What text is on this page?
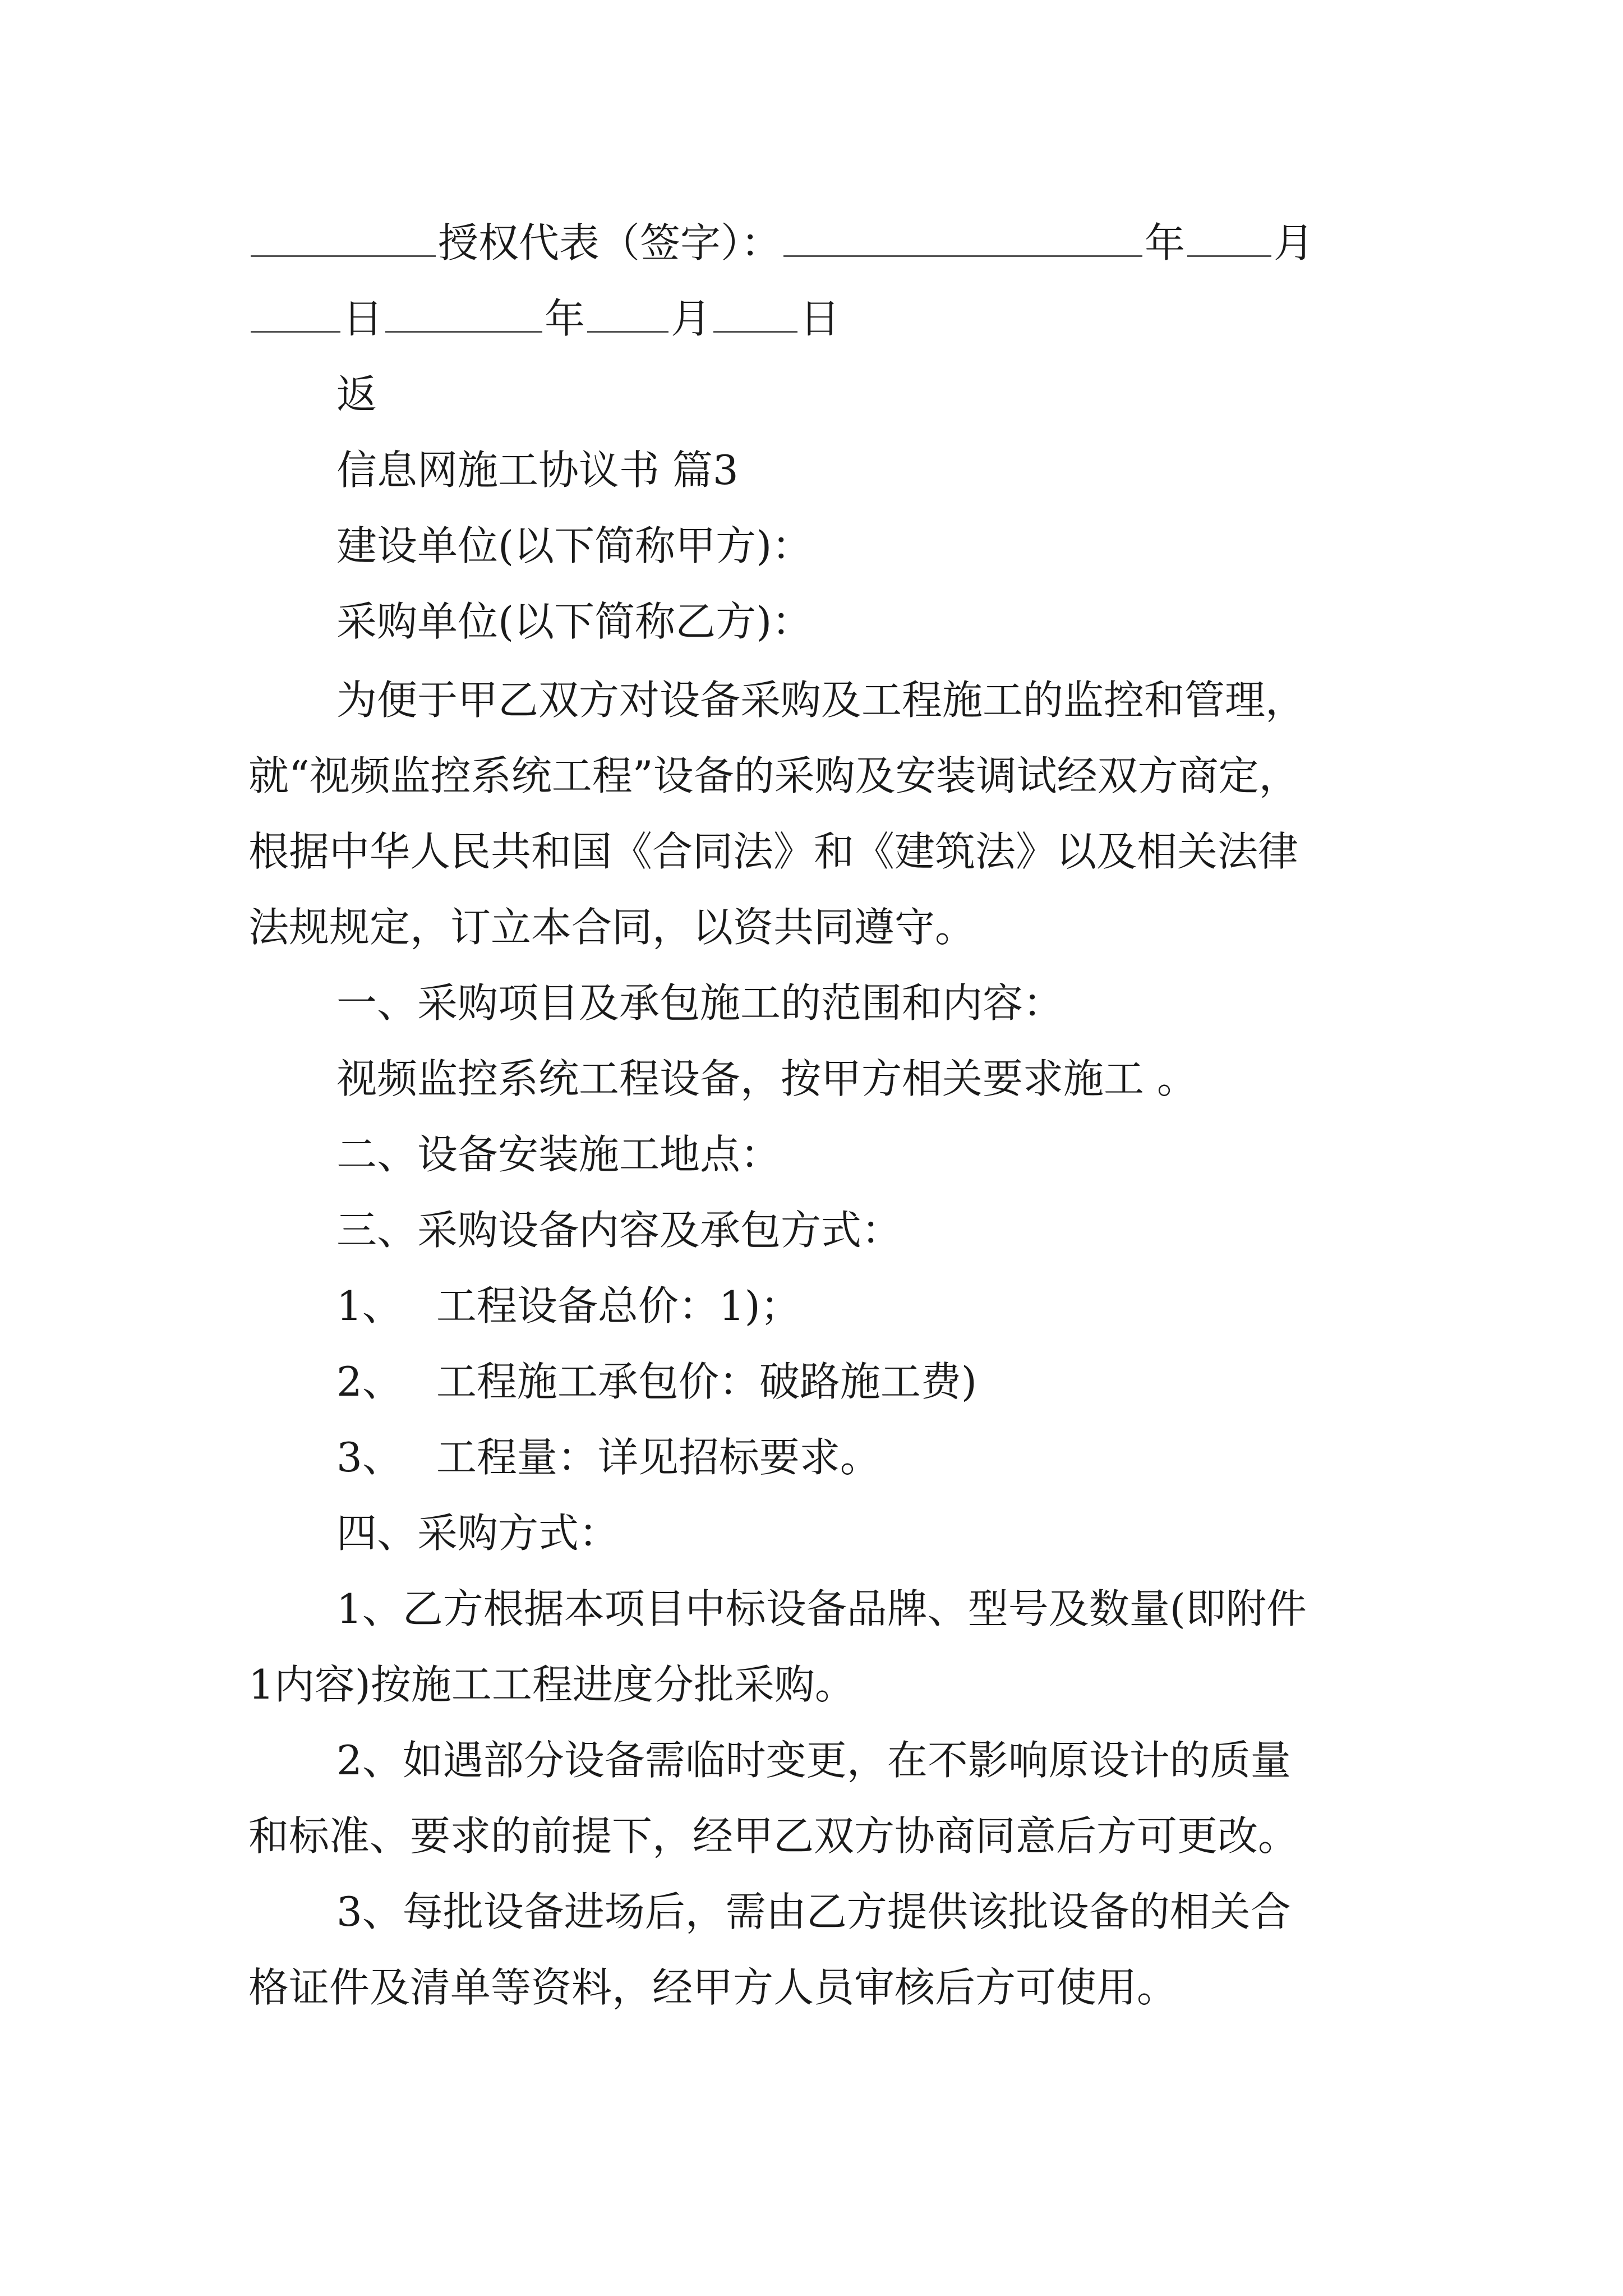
授权代表（签字）：	年 月
日	年 月 日
返
信息网施工协议书 篇3
建设单位(以下简称甲方)：
采购单位(以下简称乙方)：
为便于甲乙双方对设备采购及工程施工的监控和管理，
就“视频监控系统工程”设备的采购及安装调试经双方商定，
根据中华人民共和国《合同法》和《建筑法》以及相关法律
法规规定，订立本合同，以资共同遵守。
一、采购项目及承包施工的范围和内容：
视频监控系统工程设备，按甲方相关要求施工 。
二、设备安装施工地点：
三、采购设备内容及承包方式：
1、 工程设备总价：1)；
2、 工程施工承包价：破路施工费)
3、 工程量：详见招标要求。
四、采购方式：
1、乙方根据本项目中标设备品牌、型号及数量(即附件
1内容)按施工工程进度分批采购。
2、如遇部分设备需临时变更，在不影响原设计的质量
和标准、要求的前提下，经甲乙双方协商同意后方可更改。
3、每批设备进场后，需由乙方提供该批设备的相关合
格证件及清单等资料，经甲方人员审核后方可使用。
